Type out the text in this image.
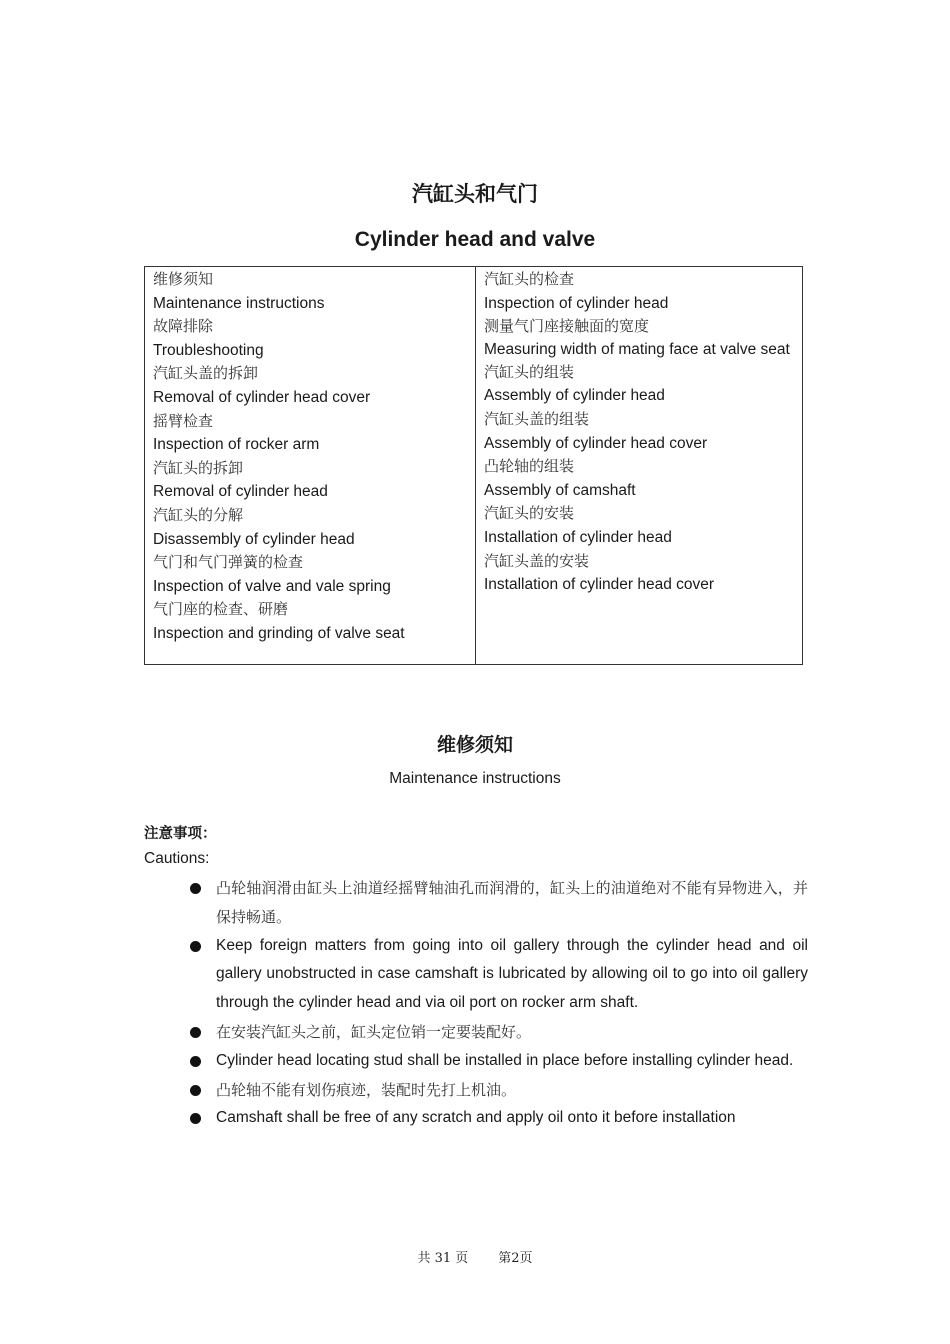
汽缸头和气门
Cylinder head and valve
维修须知
Maintenance instructions
故障排除
Troubleshooting
汽缸头盖的拆卸
Removal of cylinder head cover
摇臂检查
Inspection of rocker arm
汽缸头的拆卸
Removal of cylinder head
汽缸头的分解
Disassembly of cylinder head
气门和气门弹簧的检查
Inspection of valve and vale spring
气门座的检查、研磨
Inspection and grinding of valve seat
汽缸头的检查
Inspection of cylinder head
测量气门座接触面的宽度
Measuring width of mating face at valve seat
汽缸头的组装
Assembly of cylinder head
汽缸头盖的组装
Assembly of cylinder head cover
凸轮轴的组装
Assembly of camshaft
汽缸头的安装
Installation of cylinder head
汽缸头盖的安装
Installation of cylinder head cover
维修须知
Maintenance instructions
注意事项：
Cautions:
凸轮轴润滑由缸头上油道经摇臂轴油孔而润滑的，缸头上的油道绝对不能有异物进入，并保持畅通。
Keep foreign matters from going into oil gallery through the cylinder head and oil gallery unobstructed in case camshaft is lubricated by allowing oil to go into oil gallery through the cylinder head and via oil port on rocker arm shaft.
在安装汽缸头之前，缸头定位销一定要装配好。
Cylinder head locating stud shall be installed in place before installing cylinder head.
凸轮轴不能有划伤痕迹，装配时先打上机油。
Camshaft shall be free of any scratch and apply oil onto it before installation
共 31 页 第2页
